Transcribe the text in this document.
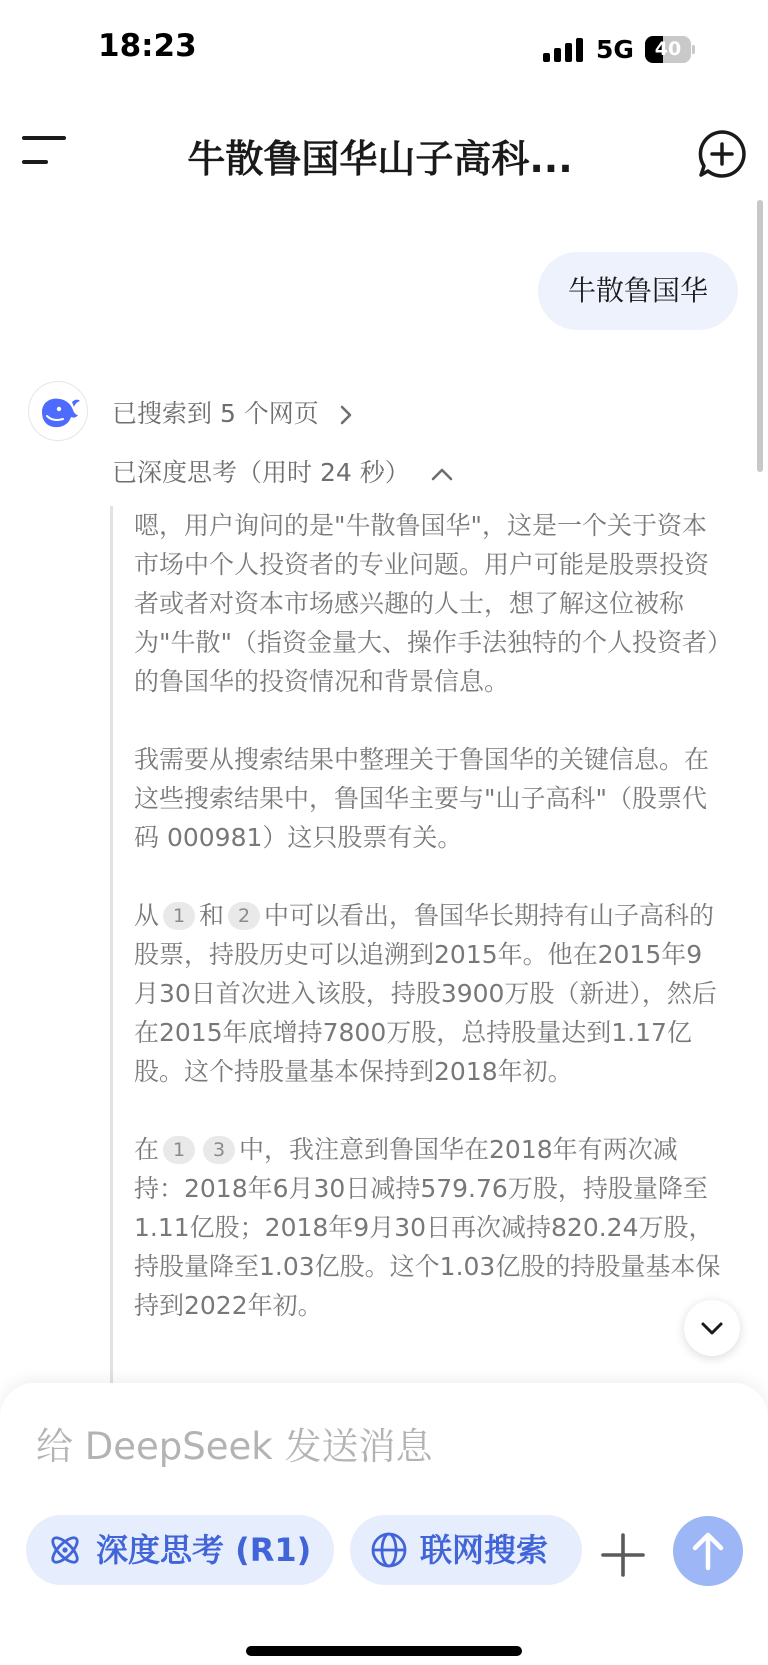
18:23	5G	40
牛散鲁国华山子高科...
牛散鲁国华
已搜索到 5 个网页
已深度思考（用时 24 秒）

嗯，用户询问的是"牛散鲁国华"，这是一个关于资本市场中个人投资者的专业问题。用户可能是股票投资者或者对资本市场感兴趣的人士，想了解这位被称为"牛散"（指资金量大、操作手法独特的个人投资者）的鲁国华的投资情况和背景信息。

我需要从搜索结果中整理关于鲁国华的关键信息。在这些搜索结果中，鲁国华主要与"山子高科"（股票代码 000981）这只股票有关。

从 1 和 2 中可以看出，鲁国华长期持有山子高科的股票，持股历史可以追溯到2015年。他在2015年9月30日首次进入该股，持股3900万股（新进），然后在2015年底增持7800万股，总持股量达到1.17亿股。这个持股量基本保持到2018年初。

在 1 3 中，我注意到鲁国华在2018年有两次减持：2018年6月30日减持579.76万股，持股量降至1.11亿股；2018年9月30日再次减持820.24万股，持股量降至1.03亿股。这个1.03亿股的持股量基本保持到2022年初。

给 DeepSeek 发送消息
深度思考 (R1)	联网搜索
